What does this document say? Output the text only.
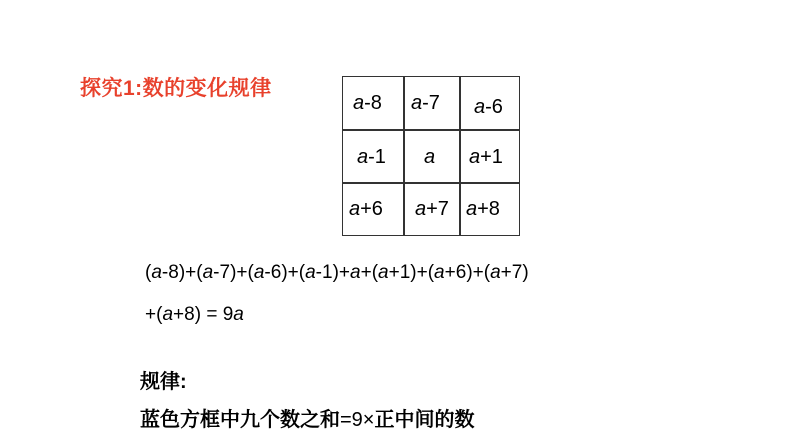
探究1:数的变化规律
a-8 a-7 a-6
a-1 a a+1
a+6 a+7 a+8
(a-8)+(a-7)+(a-6)+(a-1)+a+(a+1)+(a+6)+(a+7)
+(a+8) = 9a
规律:
蓝色方框中九个数之和=9×正中间的数
